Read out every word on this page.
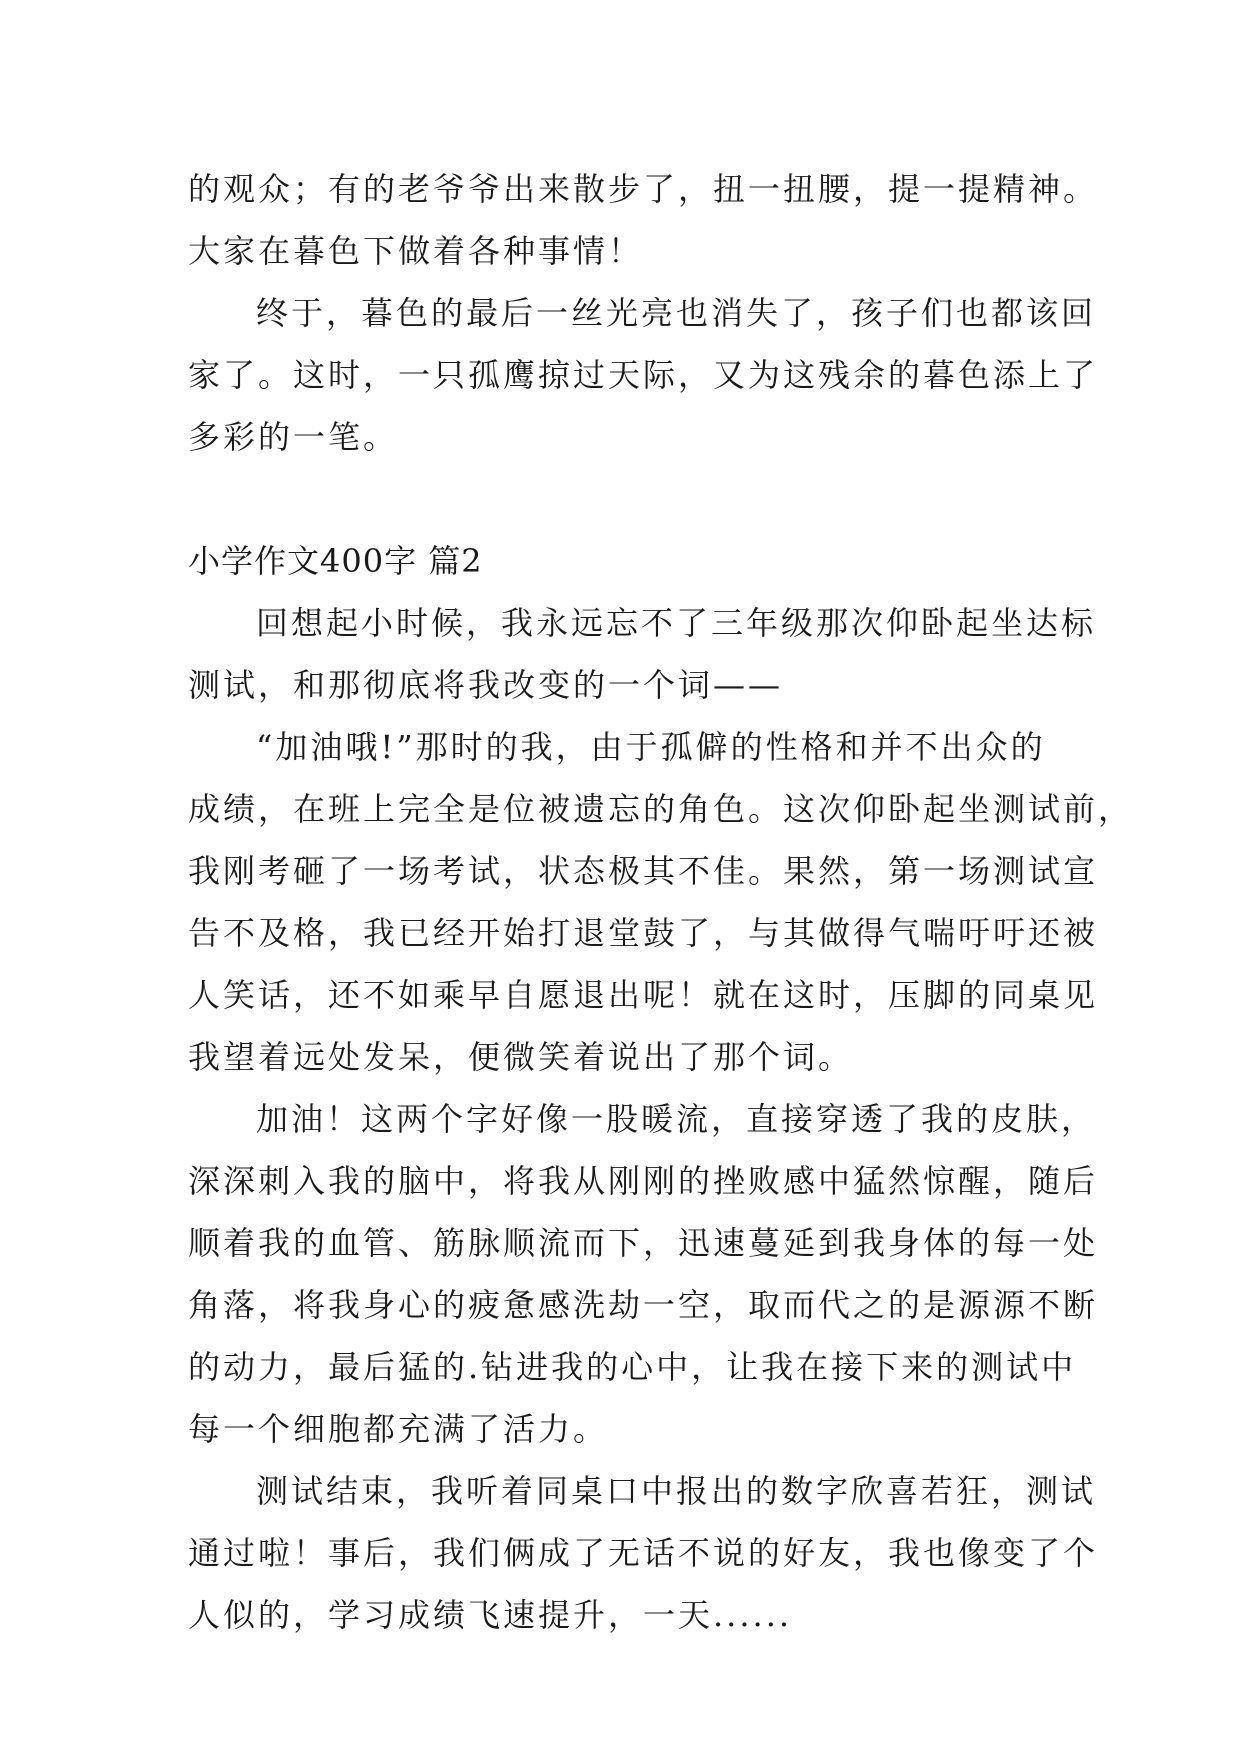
的观众；有的老爷爷出来散步了，扭一扭腰，提一提精神。
大家在暮色下做着各种事情！

终于，暮色的最后一丝光亮也消失了，孩子们也都该回
家了。这时，一只孤鹰掠过天际，又为这残余的暮色添上了
多彩的一笔。

小学作文400字 篇2

回想起小时候，我永远忘不了三年级那次仰卧起坐达标
测试，和那彻底将我改变的一个词——

“加油哦!”那时的我，由于孤僻的性格和并不出众的
成绩，在班上完全是位被遗忘的角色。这次仰卧起坐测试前，
我刚考砸了一场考试，状态极其不佳。果然，第一场测试宣
告不及格，我已经开始打退堂鼓了，与其做得气喘吁吁还被
人笑话，还不如乘早自愿退出呢！就在这时，压脚的同桌见
我望着远处发呆，便微笑着说出了那个词。

加油！这两个字好像一股暖流，直接穿透了我的皮肤，
深深刺入我的脑中，将我从刚刚的挫败感中猛然惊醒，随后
顺着我的血管、筋脉顺流而下，迅速蔓延到我身体的每一处
角落，将我身心的疲惫感洗劫一空，取而代之的是源源不断
的动力，最后猛的.钻进我的心中，让我在接下来的测试中
每一个细胞都充满了活力。

测试结束，我听着同桌口中报出的数字欣喜若狂，测试
通过啦！事后，我们俩成了无话不说的好友，我也像变了个
人似的，学习成绩飞速提升，一天......
